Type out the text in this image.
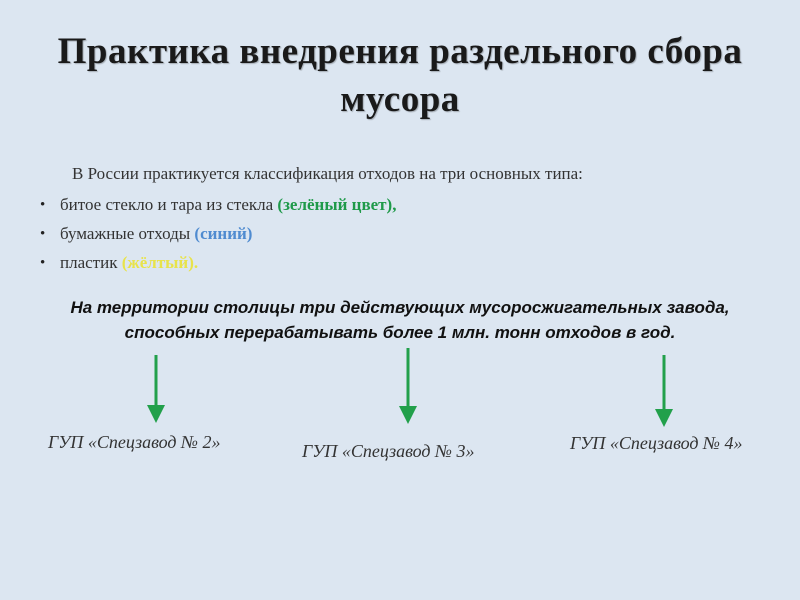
Практика внедрения раздельного сбора мусора
В России практикуется классификация отходов на три основных типа:
• битое стекло и тара из стекла (зелёный цвет),
• бумажные отходы (синий)
• пластик (жёлтый).
На территории столицы три действующих мусоросжигательных завода, способных перерабатывать более 1 млн. тонн отходов в год.
ГУП «Спецзавод № 2»	ГУП «Спецзавод № 3»	ГУП «Спецзавод № 4»
